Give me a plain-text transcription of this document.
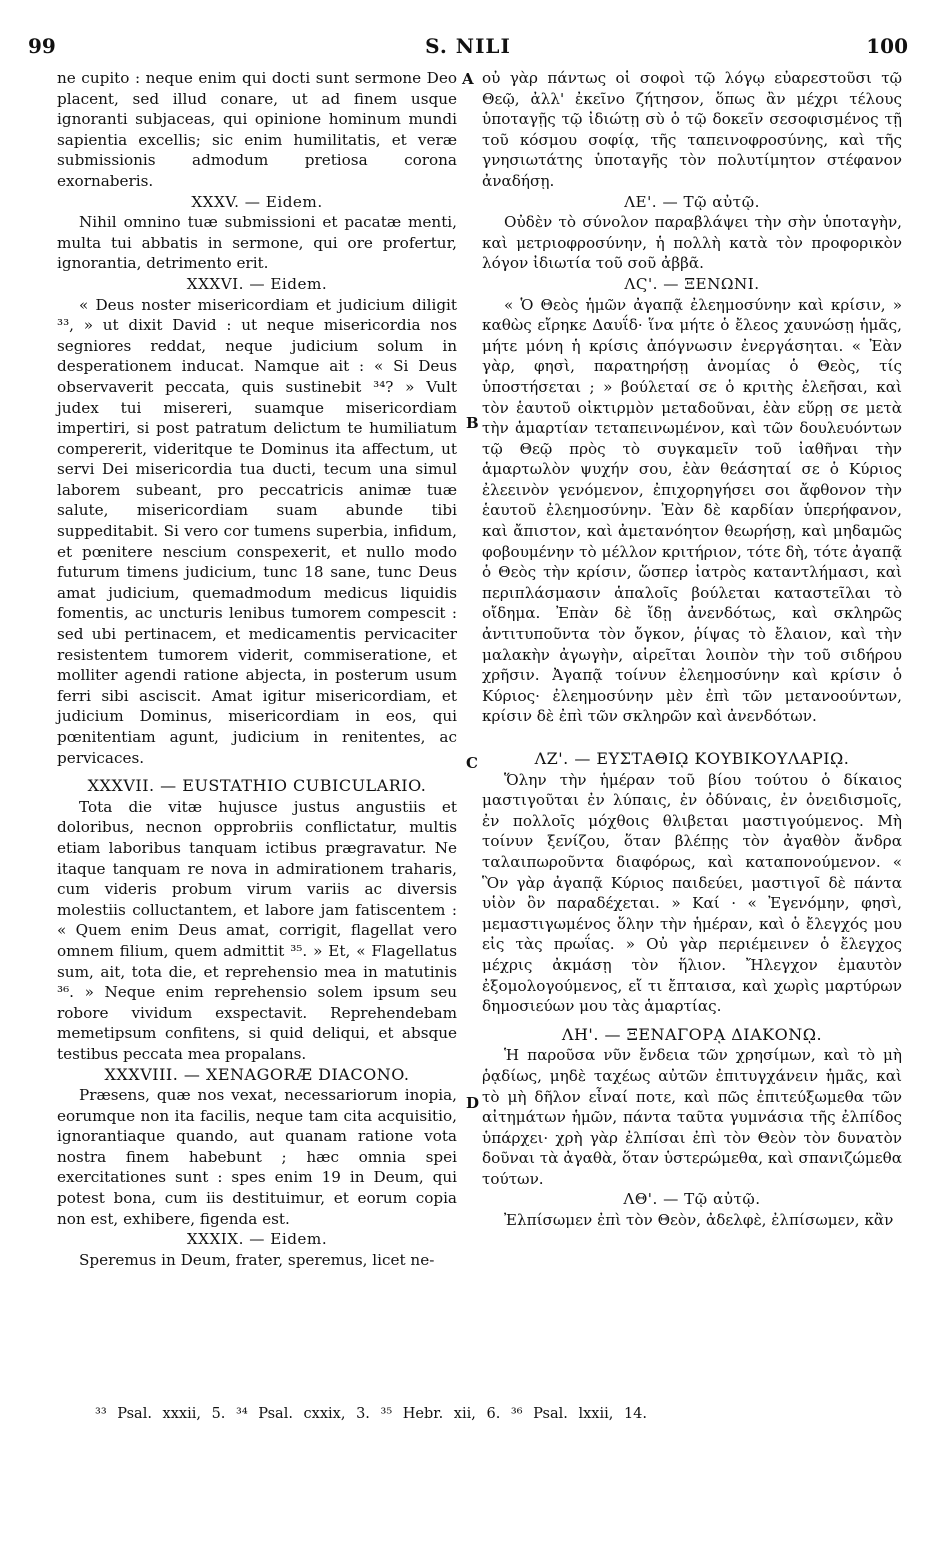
99	S. NILI	100
A
B
C
D

ne cupito : neque enim qui docti sunt sermone Deo placent, sed illud conare, ut ad finem usque ignoranti subjaceas, qui opinione hominum mundi sapientia excellis; sic enim humilitatis, et veræ submissionis admodum pretiosa corona exornaberis.

XXXV. — Eidem.

Nihil omnino tuæ submissioni et pacatæ menti, multa tui abbatis in sermone, qui ore profertur, ignorantia, detrimento erit.

XXXVI. — Eidem.

« Deus noster misericordiam et judicium diligit ³³, » ut dixit David : ut neque misericordia nos segniores reddat, neque judicium solum in desperationem inducat. Namque ait : « Si Deus observaverit peccata, quis sustinebit ³⁴? » Vult judex tui misereri, suamque misericordiam impertiri, si post patratum delictum te humiliatum compererit, videritque te Dominus ita affectum, ut servi Dei misericordia tua ducti, tecum una simul laborem subeant, pro peccatricis animæ tuæ salute, misericordiam suam abunde tibi suppeditabit. Si vero cor tumens superbia, infidum, et pœnitere nescium conspexerit, et nullo modo futurum timens judicium, tunc 18 sane, tunc Deus amat judicium, quemadmodum medicus liquidis fomentis, ac uncturis lenibus tumorem compescit : sed ubi pertinacem, et medicamentis pervicaciter resistentem tumorem viderit, commiseratione, et molliter agendi ratione abjecta, in posterum usum ferri sibi asciscit. Amat igitur misericordiam, et judicium Dominus, misericordiam in eos, qui pœnitentiam agunt, judicium in renitentes, ac pervicaces.

XXXVII. — EUSTATHIO CUBICULARIO.

Tota die vitæ hujusce justus angustiis et doloribus, necnon opprobriis conflictatur, multis etiam laboribus tanquam ictibus prægravatur. Ne itaque tanquam re nova in admirationem traharis, cum videris probum virum variis ac diversis molestiis colluctantem, et labore jam fatiscentem : « Quem enim Deus amat, corrigit, flagellat vero omnem filium, quem admittit ³⁵. » Et, « Flagellatus sum, ait, tota die, et reprehensio mea in matutinis ³⁶. » Neque enim reprehensio solem ipsum seu robore vividum exspectavit. Reprehendebam memetipsum confitens, si quid deliqui, et absque testibus peccata mea propalans.

XXXVIII. — XENAGORÆ DIACONO.

Præsens, quæ nos vexat, necessariorum inopia, eorumque non ita facilis, neque tam cita acquisitio, ignorantiaque quando, aut quanam ratione vota nostra finem habebunt ; hæc omnia spei exercitationes sunt : spes enim 19 in Deum, qui potest bona, cum iis destituimur, et eorum copia non est, exhibere, figenda est.

XXXIX. — Eidem.

Speremus in Deum, frater, speremus, licet ne-

οὐ γὰρ πάντως οἱ σοφοὶ τῷ λόγῳ εὐαρεστοῦσι τῷ Θεῷ, ἀλλ' ἐκεῖνο ζήτησον, ὅπως ἂν μέχρι τέλους ὑποταγῇς τῷ ἰδιώτῃ σὺ ὁ τῷ δοκεῖν σεσοφισμένος τῇ τοῦ κόσμου σοφίᾳ, τῆς ταπεινοφροσύνης, καὶ τῆς γνησιωτάτης ὑποταγῆς τὸν πολυτίμητον στέφανον ἀναδήσῃ.

ΛΕ'. — Τῷ αὐτῷ.

Οὐδὲν τὸ σύνολον παραβλάψει τὴν σὴν ὑποταγὴν, καὶ μετριοφροσύνην, ἡ πολλὴ κατὰ τὸν προφορικὸν λόγον ἰδιωτία τοῦ σοῦ ἀββᾶ.

ΛϚ'. — ΞΕΝΩΝΙ.

« Ὁ Θεὸς ἡμῶν ἀγαπᾷ ἐλεημοσύνην καὶ κρίσιν, » καθὼς εἴρηκε Δαυΐδ· ἵνα μήτε ὁ ἔλεος χαυνώσῃ ἡμᾶς, μήτε μόνη ἡ κρίσις ἀπόγνωσιν ἐνεργάσηται. « Ἐὰν γὰρ, φησὶ, παρατηρήσῃ ἀνομίας ὁ Θεὸς, τίς ὑποστήσεται ; » βούλεταί σε ὁ κριτὴς ἐλεῆσαι, καὶ τὸν ἑαυτοῦ οἰκτιρμὸν μεταδοῦναι, ἐὰν εὕρῃ σε μετὰ τὴν ἁμαρτίαν τεταπεινωμένον, καὶ τῶν δουλευόντων τῷ Θεῷ πρὸς τὸ συγκαμεῖν τοῦ ἰαθῆναι τὴν ἁμαρτωλὸν ψυχήν σου, ἐὰν θεάσηταί σε ὁ Κύριος ἐλεεινὸν γενόμενον, ἐπιχορηγήσει σοι ἄφθονον τὴν ἑαυτοῦ ἐλεημοσύνην. Ἐὰν δὲ καρδίαν ὑπερήφανον, καὶ ἄπιστον, καὶ ἀμετανόητον θεωρήσῃ, καὶ μηδαμῶς φοβουμένην τὸ μέλλον κριτήριον, τότε δὴ, τότε ἀγαπᾷ ὁ Θεὸς τὴν κρίσιν, ὥσπερ ἰατρὸς καταντλήμασι, καὶ περιπλάσμασιν ἁπαλοῖς βούλεται καταστεῖλαι τὸ οἴδημα. Ἐπὰν δὲ ἴδῃ ἀνενδότως, καὶ σκληρῶς ἀντιτυποῦντα τὸν ὄγκον, ῥίψας τὸ ἔλαιον, καὶ τὴν μαλακὴν ἀγωγὴν, αἱρεῖται λοιπὸν τὴν τοῦ σιδήρου χρῆσιν. Ἀγαπᾷ τοίνυν ἐλεημοσύνην καὶ κρίσιν ὁ Κύριος· ἐλεημοσύνην μὲν ἐπὶ τῶν μετανοούντων, κρίσιν δὲ ἐπὶ τῶν σκληρῶν καὶ ἀνενδότων.

ΛΖ'. — ΕΥΣΤΑΘΙῼ ΚΟΥΒΙΚΟΥΛΑΡΙῼ.

Ὅλην τὴν ἡμέραν τοῦ βίου τούτου ὁ δίκαιος μαστιγοῦται ἐν λύπαις, ἐν ὀδύναις, ἐν ὀνειδισμοῖς, ἐν πολλοῖς μόχθοις θλιβεται μαστιγούμενος. Μὴ τοίνυν ξενίζου, ὅταν βλέπῃς τὸν ἀγαθὸν ἄνδρα ταλαιπωροῦντα διαφόρως, καὶ καταπονούμενον. « Ὃν γὰρ ἀγαπᾷ Κύριος παιδεύει, μαστιγοῖ δὲ πάντα υἱὸν ὃν παραδέχεται. » Καί · « Ἐγενόμην, φησὶ, μεμαστιγωμένος ὅλην τὴν ἡμέραν, καὶ ὁ ἔλεγχός μου εἰς τὰς πρωΐας. » Οὐ γὰρ περιέμεινεν ὁ ἔλεγχος μέχρις ἀκμάσῃ τὸν ἥλιον. Ἤλεγχον ἐμαυτὸν ἐξομολογούμενος, εἴ τι ἔπταισα, καὶ χωρὶς μαρτύρων δημοσιεύων μου τὰς ἁμαρτίας.

ΛΗ'. — ΞΕΝΑΓΟΡᾼ ΔΙΑΚΟΝῼ.

Ἡ παροῦσα νῦν ἔνδεια τῶν χρησίμων, καὶ τὸ μὴ ῥᾳδίως, μηδὲ ταχέως αὐτῶν ἐπιτυγχάνειν ἡμᾶς, καὶ τὸ μὴ δῆλον εἶναί ποτε, καὶ πῶς ἐπιτεύξωμεθα τῶν αἰτημάτων ἡμῶν, πάντα ταῦτα γυμνάσια τῆς ἐλπίδος ὑπάρχει· χρὴ γὰρ ἐλπίσαι ἐπὶ τὸν Θεὸν τὸν δυνατὸν δοῦναι τὰ ἀγαθὰ, ὅταν ὑστερώμεθα, καὶ σπανιζώμεθα τούτων.

ΛΘ'. — Τῷ αὐτῷ.

Ἐλπίσωμεν ἐπὶ τὸν Θεὸν, ἀδελφὲ, ἐλπίσωμεν, κἂν

³³ Psal. xxxii, 5. ³⁴ Psal. cxxix, 3. ³⁵ Hebr. xii, 6. ³⁶ Psal. lxxii, 14.
